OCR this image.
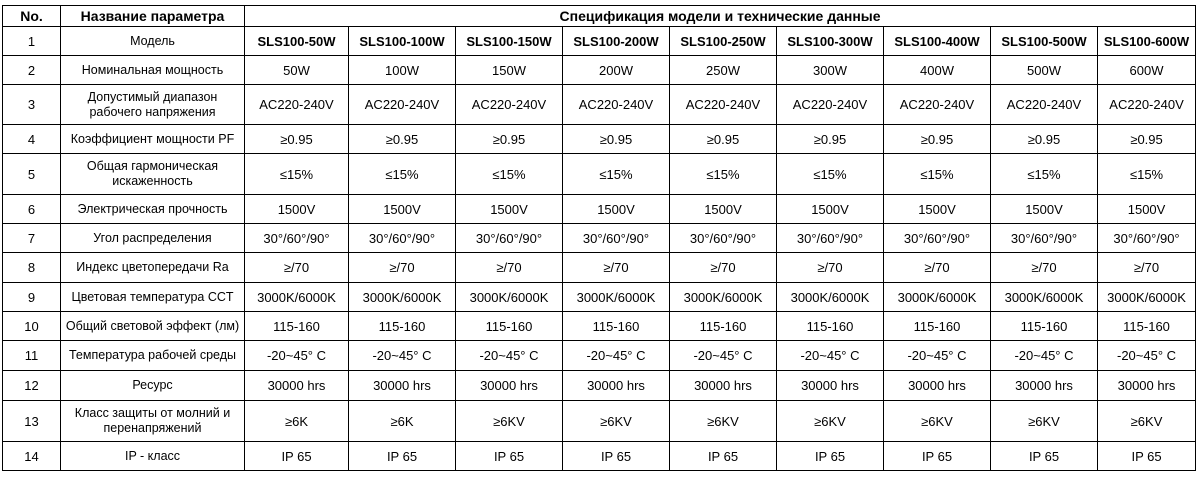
No.	Название параметра	Спецификация модели и технические данные								
1	Модель	SLS100-50W	SLS100-100W	SLS100-150W	SLS100-200W	SLS100-250W	SLS100-300W	SLS100-400W	SLS100-500W	SLS100-600W
2	Номинальная мощность	50W	100W	150W	200W	250W	300W	400W	500W	600W
3	Допустимый диапазон рабочего напряжения	AC220-240V	AC220-240V	AC220-240V	AC220-240V	AC220-240V	AC220-240V	AC220-240V	AC220-240V	AC220-240V
4	Коэффициент мощности PF	≥0.95	≥0.95	≥0.95	≥0.95	≥0.95	≥0.95	≥0.95	≥0.95	≥0.95
5	Общая гармоническая искаженность	≤15%	≤15%	≤15%	≤15%	≤15%	≤15%	≤15%	≤15%	≤15%
6	Электрическая прочность	1500V	1500V	1500V	1500V	1500V	1500V	1500V	1500V	1500V
7	Угол распределения	30°/60°/90°	30°/60°/90°	30°/60°/90°	30°/60°/90°	30°/60°/90°	30°/60°/90°	30°/60°/90°	30°/60°/90°	30°/60°/90°
8	Индекс цветопередачи Ra	≥/70	≥/70	≥/70	≥/70	≥/70	≥/70	≥/70	≥/70	≥/70
9	Цветовая температура CCT	3000K/6000K	3000K/6000K	3000K/6000K	3000K/6000K	3000K/6000K	3000K/6000K	3000K/6000K	3000K/6000K	3000K/6000K
10	Общий световой эффект (лм)	115-160	115-160	115-160	115-160	115-160	115-160	115-160	115-160	115-160
11	Температура рабочей среды	-20~45° C	-20~45° C	-20~45° C	-20~45° C	-20~45° C	-20~45° C	-20~45° C	-20~45° C	-20~45° C
12	Ресурс	30000 hrs	30000 hrs	30000 hrs	30000 hrs	30000 hrs	30000 hrs	30000 hrs	30000 hrs	30000 hrs
13	Класс защиты от молний и перенапряжений	≥6K	≥6K	≥6KV	≥6KV	≥6KV	≥6KV	≥6KV	≥6KV	≥6KV
14	IP - класс	IP 65	IP 65	IP 65	IP 65	IP 65	IP 65	IP 65	IP 65	IP 65
